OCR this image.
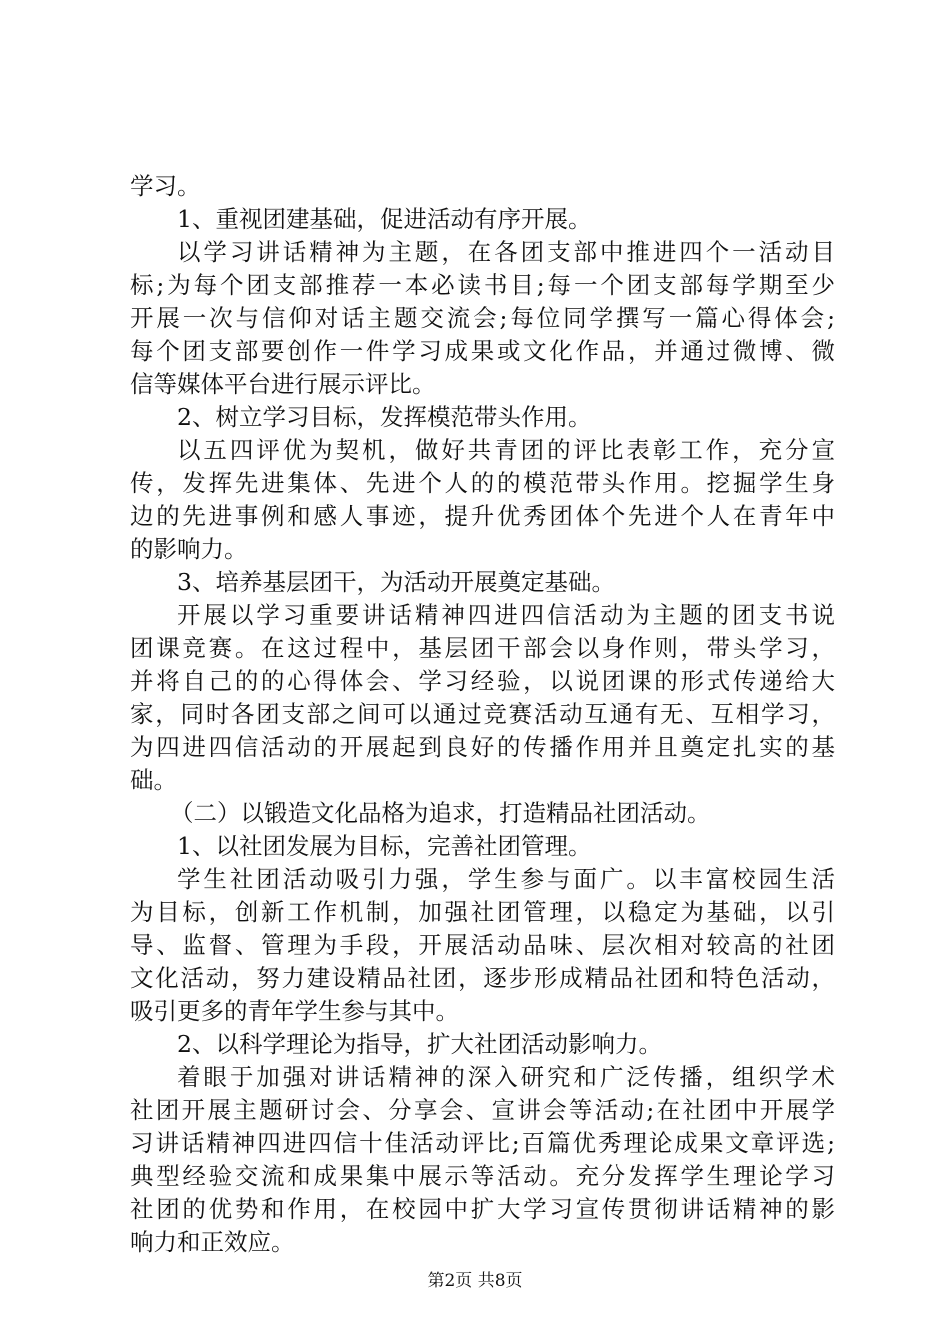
学习。
1、重视团建基础，促进活动有序开展。
以学习讲话精神为主题，在各团支部中推进四个一活动目
标;为每个团支部推荐一本必读书目;每一个团支部每学期至少
开展一次与信仰对话主题交流会;每位同学撰写一篇心得体会;
每个团支部要创作一件学习成果或文化作品，并通过微博、微
信等媒体平台进行展示评比。
2、树立学习目标，发挥模范带头作用。
以五四评优为契机，做好共青团的评比表彰工作，充分宣
传，发挥先进集体、先进个人的的模范带头作用。挖掘学生身
边的先进事例和感人事迹，提升优秀团体个先进个人在青年中
的影响力。
3、培养基层团干，为活动开展奠定基础。
开展以学习重要讲话精神四进四信活动为主题的团支书说
团课竞赛。在这过程中，基层团干部会以身作则，带头学习，
并将自己的的心得体会、学习经验，以说团课的形式传递给大
家，同时各团支部之间可以通过竞赛活动互通有无、互相学习，
为四进四信活动的开展起到良好的传播作用并且奠定扎实的基
础。
（二）以锻造文化品格为追求，打造精品社团活动。
1、以社团发展为目标，完善社团管理。
学生社团活动吸引力强，学生参与面广。以丰富校园生活
为目标，创新工作机制，加强社团管理，以稳定为基础，以引
导、监督、管理为手段，开展活动品味、层次相对较高的社团
文化活动，努力建设精品社团，逐步形成精品社团和特色活动，
吸引更多的青年学生参与其中。
2、以科学理论为指导，扩大社团活动影响力。
着眼于加强对讲话精神的深入研究和广泛传播，组织学术
社团开展主题研讨会、分享会、宣讲会等活动;在社团中开展学
习讲话精神四进四信十佳活动评比;百篇优秀理论成果文章评选;
典型经验交流和成果集中展示等活动。充分发挥学生理论学习
社团的优势和作用，在校园中扩大学习宣传贯彻讲话精神的影
响力和正效应。
第2页 共8页
